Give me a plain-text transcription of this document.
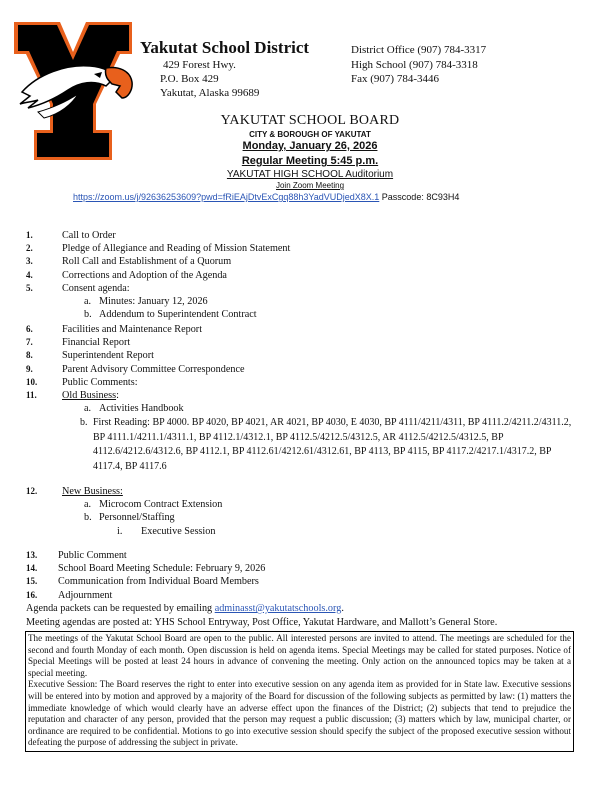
Yakutat School District
429 Forest Hwy.
P.O. Box 429
Yakutat, Alaska 99689
District Office (907) 784-3317
High School (907) 784-3318
Fax (907) 784-3446
YAKUTAT SCHOOL BOARD
CITY & BOROUGH OF YAKUTAT
Monday, January 26, 2026
Regular Meeting 5:45 p.m.
YAKUTAT HIGH SCHOOL Auditorium
Join Zoom Meeting
https://zoom.us/j/92636253609?pwd=fRiEAjDtvExCgq88h3YadVUDjedX8X.1 Passcode: 8C93H4
1.	Call to Order
2.	Pledge of Allegiance and Reading of Mission Statement
3.	Roll Call and Establishment of a Quorum
4.	Corrections and Adoption of the Agenda
5.	Consent agenda:
a. Minutes: January 12, 2026
b. Addendum to Superintendent Contract
6.	Facilities and Maintenance Report
7.	Financial Report
8.	Superintendent Report
9.	Parent Advisory Committee Correspondence
10. Public Comments:
11. Old Business:
a. Activities Handbook
b. First Reading: BP 4000. BP 4020, BP 4021, AR 4021, BP 4030, E 4030, BP 4111/4211/4311, BP 4111.2/4211.2/4311.2, BP 4111.1/4211.1/4311.1, BP 4112.1/4312.1, BP 4112.5/4212.5/4312.5, AR 4112.5/4212.5/4312.5, BP 4112.6/4212.6/4312.6, BP 4112.1, BP 4112.61/4212.61/4312.61, BP 4113, BP 4115, BP 4117.2/4217.1/4317.2, BP 4117.4, BP 4117.6
12. New Business:
a. Microcom Contract Extension
b. Personnel/Staffing
i. Executive Session
13. Public Comment
14. School Board Meeting Schedule: February 9, 2026
15. Communication from Individual Board Members
16. Adjournment
Agenda packets can be requested by emailing adminasst@yakutatschools.org.
Meeting agendas are posted at: YHS School Entryway, Post Office, Yakutat Hardware, and Mallott’s General Store.

The meetings of the Yakutat School Board are open to the public. All interested persons are invited to attend. The meetings are scheduled for the second and fourth Monday of each month. Open discussion is held on agenda items. Special Meetings may be called for stated purposes. Notice of Special Meetings will be posted at least 24 hours in advance of convening the meeting. Only action on the announced topics may be taken at a special meeting.

Executive Session: The Board reserves the right to enter into executive session on any agenda item as provided for in State law. Executive sessions will be entered into by motion and approved by a majority of the Board for discussion of the following subjects as permitted by law: (1) matters the immediate knowledge of which would clearly have an adverse effect upon the finances of the District; (2) subjects that tend to prejudice the reputation and character of any person, provided that the person may request a public discussion; (3) matters which by law, municipal charter, or ordinance are required to be confidential. Motions to go into executive session should specify the subject of the proposed executive session without defeating the purpose of addressing the subject in private.
